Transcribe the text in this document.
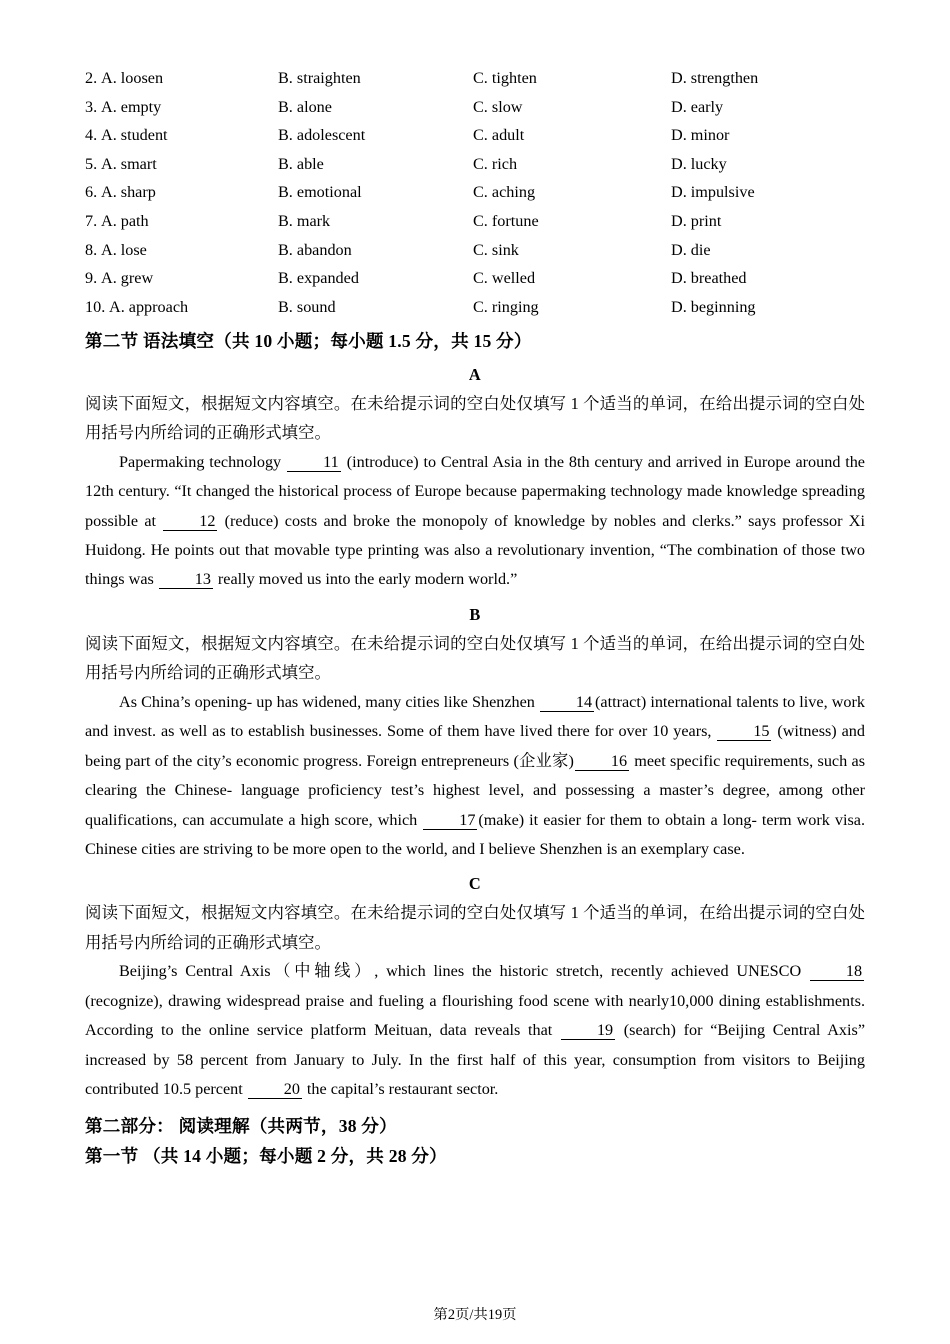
2. A. loosen	B. straighten	C. tighten	D. strengthen
3. A. empty	B. alone	C. slow	D. early
4. A. student	B. adolescent	C. adult	D. minor
5. A. smart	B. able	C. rich	D. lucky
6. A. sharp	B. emotional	C. aching	D. impulsive
7. A. path	B. mark	C. fortune	D. print
8. A. lose	B. abandon	C. sink	D. die
9. A. grew	B. expanded	C. welled	D. breathed
10. A. approach	B. sound	C. ringing	D. beginning
第二节 语法填空（共 10 小题；每小题 1.5 分，共 15 分）
A
阅读下面短文，根据短文内容填空。在未给提示词的空白处仅填写 1 个适当的单词，在给出提示词的空白处用括号内所给词的正确形式填空。

Papermaking technology 11 (introduce) to Central Asia in the 8th century and arrived in Europe around the 12th century. “It changed the historical process of Europe because papermaking technology made knowledge spreading possible at 12 (reduce) costs and broke the monopoly of knowledge by nobles and clerks.” says professor Xi Huidong. He points out that movable type printing was also a revolutionary invention, “The combination of those two things was 13 really moved us into the early modern world.”

B
阅读下面短文，根据短文内容填空。在未给提示词的空白处仅填写 1 个适当的单词，在给出提示词的空白处用括号内所给词的正确形式填空。

As China’s opening- up has widened, many cities like Shenzhen 14 (attract) international talents to live, work and invest. as well as to establish businesses. Some of them have lived there for over 10 years, 15 (witness) and being part of the city’s economic progress. Foreign entrepreneurs (企业家) 16 meet specific requirements, such as clearing the Chinese- language proficiency test’s highest level, and possessing a master’s degree, among other qualifications, can accumulate a high score, which 17 (make) it easier for them to obtain a long- term work visa. Chinese cities are striving to be more open to the world, and I believe Shenzhen is an exemplary case.

C
阅读下面短文，根据短文内容填空。在未给提示词的空白处仅填写 1 个适当的单词，在给出提示词的空白处用括号内所给词的正确形式填空。

Beijing’s Central Axis（中轴线）, which lines the historic stretch, recently achieved UNESCO 18 (recognize), drawing widespread praise and fueling a flourishing food scene with nearly10,000 dining establishments. According to the online service platform Meituan, data reveals that 19 (search) for “Beijing Central Axis” increased by 58 percent from January to July. In the first half of this year, consumption from visitors to Beijing contributed 10.5 percent 20 the capital’s restaurant sector.

第二部分： 阅读理解（共两节，38 分）
第一节 （共 14 小题；每小题 2 分，共 28 分）
第2页/共19页
